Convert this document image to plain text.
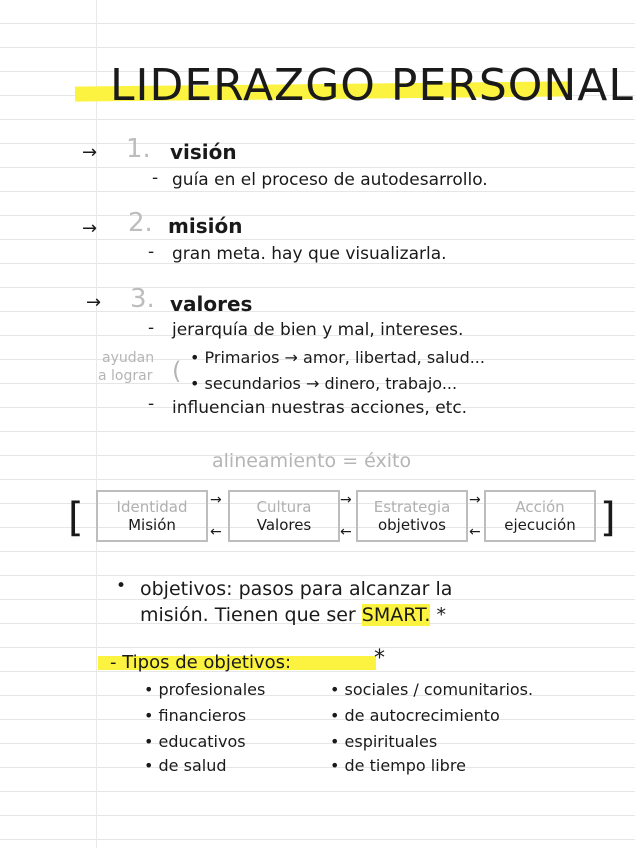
LIDERAZGO PERSONAL
→ 1. visión
- guía en el proceso de autodesarrollo.
→ 2. misión
- gran meta. hay que visualizarla.
→ 3. valores
- jerarquía de bien y mal, intereses.
ayudan
a lograr ( • Primarios → amor, libertad, salud...
• secundarios → dinero, trabajo...
- influencian nuestras acciones, etc.
alineamiento = éxito
[	]
Identidad
Misión
Cultura
Valores
Estrategia
objetivos
Acción
ejecución
→
←
→
←
→
←
• objetivos: pasos para alcanzar la
misión. Tienen que ser SMART. *
- Tipos de objetivos:	*
• profesionales
• financieros
• educativos
• de salud
• sociales / comunitarios.
• de autocrecimiento
• espirituales
• de tiempo libre
